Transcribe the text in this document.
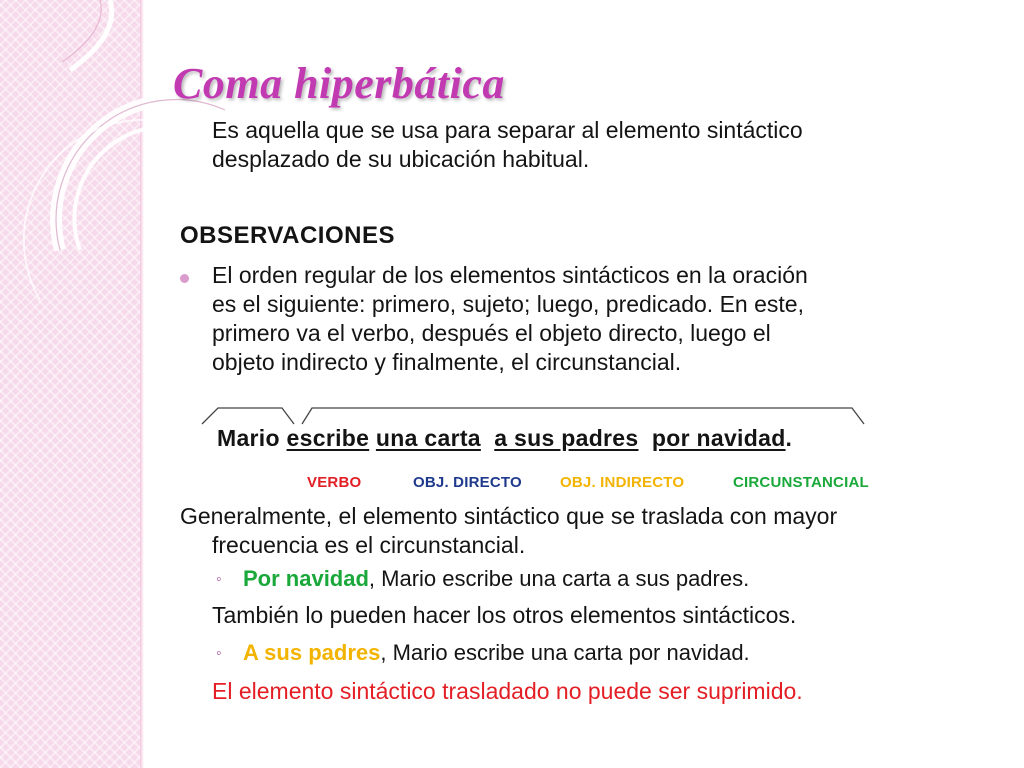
Coma hiperbática
Es aquella que se usa para separar al elemento sintáctico
desplazado de su ubicación habitual.
OBSERVACIONES
El orden regular de los elementos sintácticos en la oración
es el siguiente: primero, sujeto; luego, predicado. En este,
primero va el verbo, después el objeto directo, luego el
objeto indirecto y finalmente, el circunstancial.
Mario escribe una carta a sus padres por navidad.
VERBO	OBJ. DIRECTO	OBJ. INDIRECTO	CIRCUNSTANCIAL
Generalmente, el elemento sintáctico que se traslada con mayor
frecuencia es el circunstancial.
◦ Por navidad, Mario escribe una carta a sus padres.
También lo pueden hacer los otros elementos sintácticos.
◦ A sus padres, Mario escribe una carta por navidad.
El elemento sintáctico trasladado no puede ser suprimido.
